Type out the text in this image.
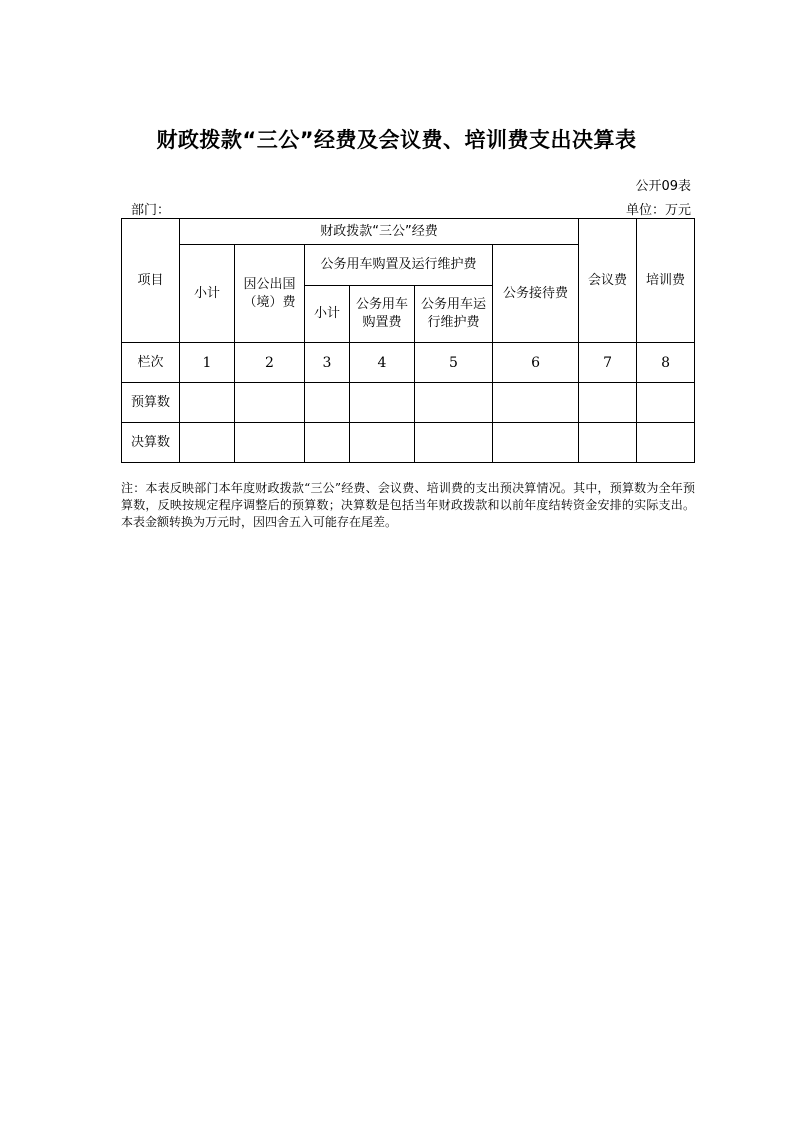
财政拨款“三公”经费及会议费、培训费支出决算表
公开09表
部门：	单位：万元
项目	财政拨款“三公”经费						会议费	培训费
	小计	因公出国（境）费	公务用车购置及运行维护费			公务接待费		
			小计	公务用车购置费	公务用车运行维护费			
栏次	1	2	3	4	5	6	7	8
预算数								
决算数								
注：本表反映部门本年度财政拨款“三公”经费、会议费、培训费的支出预决算情况。其中，预算数为全年预算数，反映按规定程序调整后的预算数；决算数是包括当年财政拨款和以前年度结转资金安排的实际支出。本表金额转换为万元时，因四舍五入可能存在尾差。
